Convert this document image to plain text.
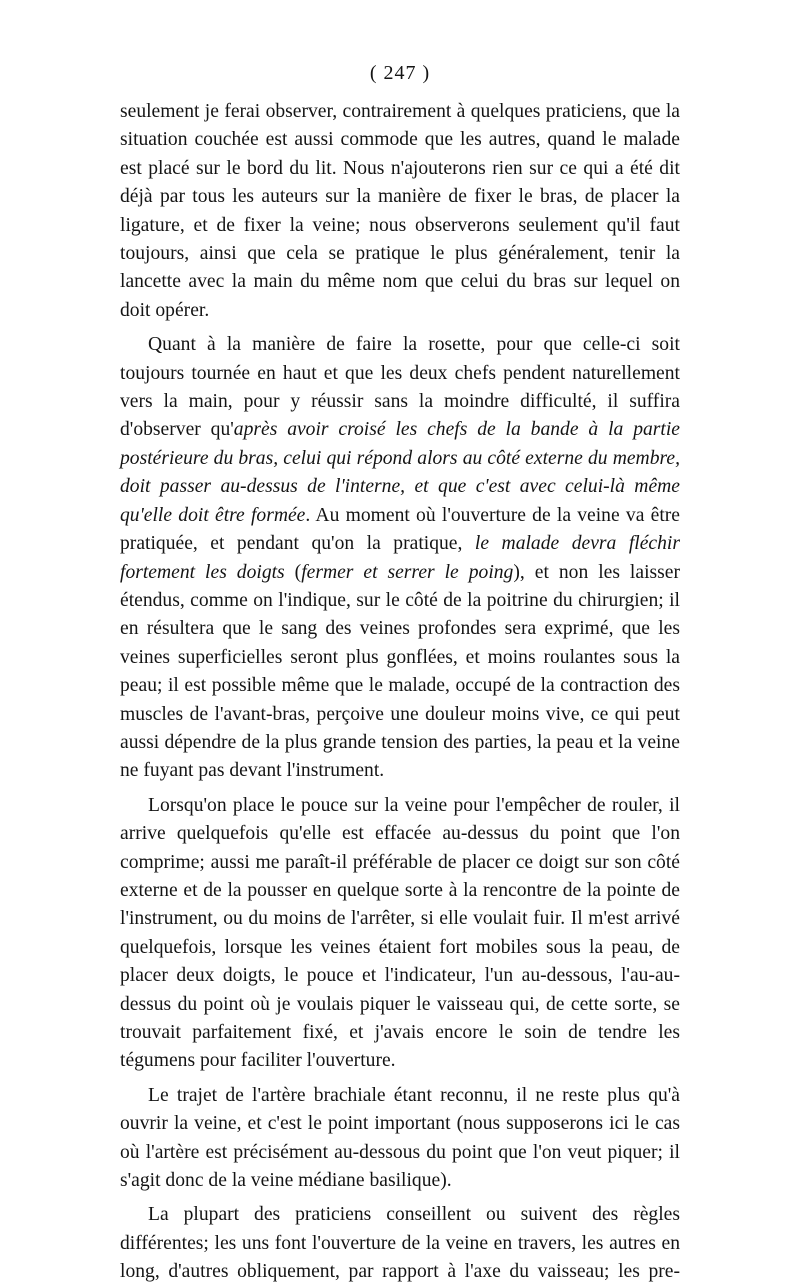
( 247 )

seulement je ferai observer, contrairement à quelques praticiens, que la situation couchée est aussi commode que les autres, quand le malade est placé sur le bord du lit. Nous n'ajouterons rien sur ce qui a été dit déjà par tous les auteurs sur la manière de fixer le bras, de placer la ligature, et de fixer la veine; nous observerons seulement qu'il faut toujours, ainsi que cela se pratique le plus généralement, tenir la lancette avec la main du même nom que celui du bras sur lequel on doit opérer.

Quant à la manière de faire la rosette, pour que celle-ci soit toujours tournée en haut et que les deux chefs pendent naturellement vers la main, pour y réussir sans la moindre difficulté, il suffira d'observer qu'après avoir croisé les chefs de la bande à la partie postérieure du bras, celui qui répond alors au côté externe du membre, doit passer au-dessus de l'interne, et que c'est avec celui-là même qu'elle doit être formée. Au moment où l'ouverture de la veine va être pratiquée, et pendant qu'on la pratique, le malade devra fléchir fortement les doigts (fermer et serrer le poing), et non les laisser étendus, comme on l'indique, sur le côté de la poitrine du chirurgien; il en résultera que le sang des veines profondes sera exprimé, que les veines superficielles seront plus gonflées, et moins roulantes sous la peau; il est possible même que le malade, occupé de la contraction des muscles de l'avant-bras, perçoive une douleur moins vive, ce qui peut aussi dépendre de la plus grande tension des parties, la peau et la veine ne fuyant pas devant l'instrument.

Lorsqu'on place le pouce sur la veine pour l'empêcher de rouler, il arrive quelquefois qu'elle est effacée au-dessus du point que l'on comprime; aussi me paraît-il préférable de placer ce doigt sur son côté externe et de la pousser en quelque sorte à la rencontre de la pointe de l'instrument, ou du moins de l'arrêter, si elle voulait fuir. Il m'est arrivé quelquefois, lorsque les veines étaient fort mobiles sous la peau, de placer deux doigts, le pouce et l'indicateur, l'un au-dessous, l'au-au-dessus du point où je voulais piquer le vaisseau qui, de cette sorte, se trouvait parfaitement fixé, et j'avais encore le soin de tendre les tégumens pour faciliter l'ouverture.

Le trajet de l'artère brachiale étant reconnu, il ne reste plus qu'à ouvrir la veine, et c'est le point important (nous supposerons ici le cas où l'artère est précisément au-dessous du point que l'on veut piquer; il s'agit donc de la veine médiane basilique).

La plupart des praticiens conseillent ou suivent des règles différentes; les uns font l'ouverture de la veine en travers, les autres en long, d'autres obliquement, par rapport à l'axe du vaisseau; les pre-
